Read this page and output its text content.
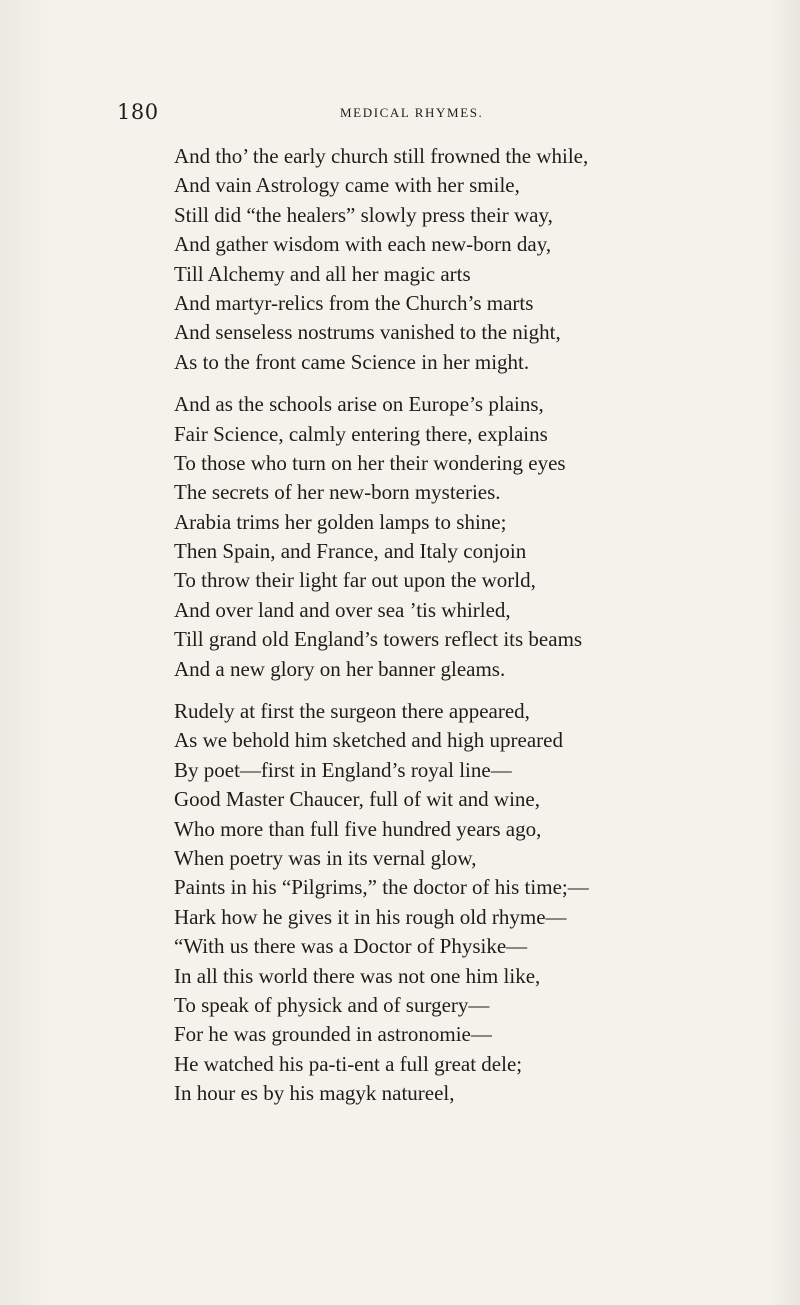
180	MEDICAL RHYMES.
And tho’ the early church still frowned the while,
And vain Astrology came with her smile,
Still did “the healers” slowly press their way,
And gather wisdom with each new-born day,
Till Alchemy and all her magic arts
And martyr-relics from the Church’s marts
And senseless nostrums vanished to the night,
As to the front came Science in her might.
And as the schools arise on Europe’s plains,
Fair Science, calmly entering there, explains
To those who turn on her their wondering eyes
The secrets of her new-born mysteries.
Arabia trims her golden lamps to shine;
Then Spain, and France, and Italy conjoin
To throw their light far out upon the world,
And over land and over sea ’tis whirled,
Till grand old England’s towers reflect its beams
And a new glory on her banner gleams.
Rudely at first the surgeon there appeared,
As we behold him sketched and high upreared
By poet—first in England’s royal line—
Good Master Chaucer, full of wit and wine,
Who more than full five hundred years ago,
When poetry was in its vernal glow,
Paints in his “Pilgrims,” the doctor of his time;—
Hark how he gives it in his rough old rhyme—
“With us there was a Doctor of Physike—
In all this world there was not one him like,
To speak of physick and of surgery—
For he was grounded in astronomie—
He watched his pa-ti-ent a full great dele;
In hour es by his magyk natureel,
